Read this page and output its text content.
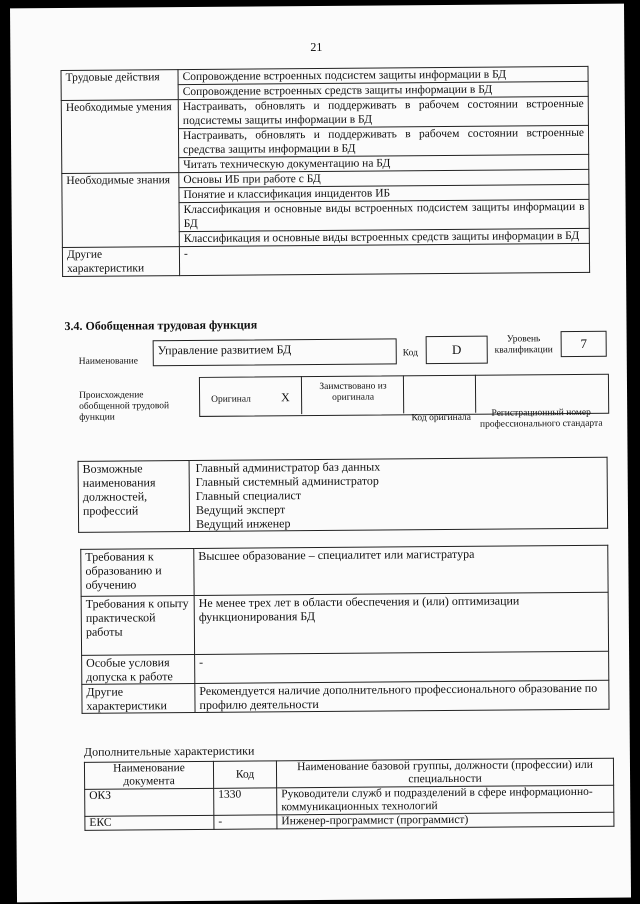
21
Трудовые действия	Сопровождение встроенных подсистем защиты информации в БД
	Сопровождение встроенных средств защиты информации в БД
Необходимые умения	Настраивать, обновлять и поддерживать в рабочем состоянии встроенные подсистемы защиты информации в БД
	Настраивать, обновлять и поддерживать в рабочем состоянии встроенные средства защиты информации в БД
	Читать техническую документацию на БД
Необходимые знания	Основы ИБ при работе с БД
	Понятие и классификация инцидентов ИБ
	Классификация и основные виды встроенных подсистем защиты информации в БД
	Классификация и основные виды встроенных средств защиты информации в БД
Другие характеристики	-
3.4. Обобщенная трудовая функция
Наименование
Управление развитием БД	Код	D
Уровень квалификации	7
Происхождение обобщенной трудовой функции
Оригинал	X
Заимствовано из оригинала
Код оригинала	Регистрационный номер профессионального стандарта
Возможные наименования должностей, профессий	
Главный администратор баз данных
Главный системный администратор
Главный специалист
Ведущий эксперт
Ведущий инженер
Требования к образованию и обучению	Высшее образование – специалитет или магистратура
Требования к опыту практической работы	Не менее трех лет в области обеспечения и (или) оптимизации функционирования БД
Особые условия допуска к работе	-
Другие характеристики	Рекомендуется наличие дополнительного профессионального образование по профилю деятельности
Дополнительные характеристики
Наименование документа	Код	Наименование базовой группы, должности (профессии) или специальности
ОКЗ	1330	Руководители служб и подразделений в сфере информационно-коммуникационных технологий
ЕКС	-	Инженер-программист (программист)
